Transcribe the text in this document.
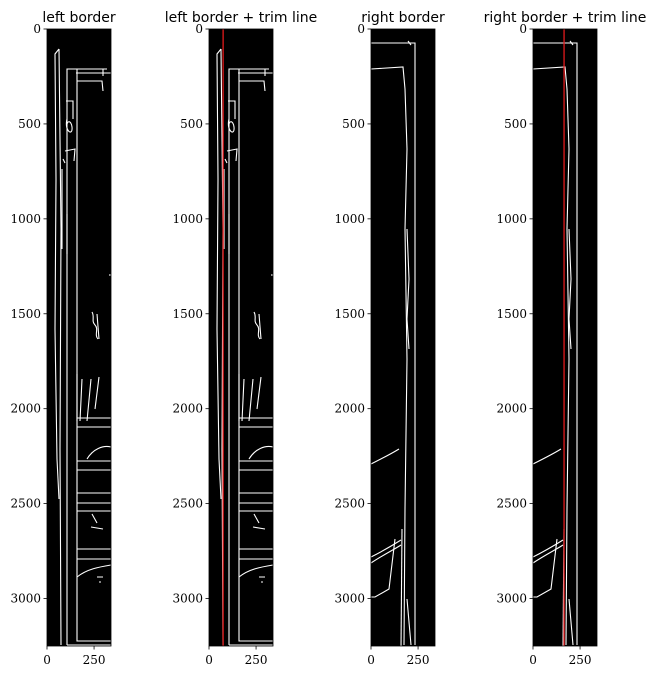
left border
0
500
1000
1500
2000
2500
3000
0	250
left border + trim line
0
500
1000
1500
2000
2500
3000
0	250
right border
0
500
1000
1500
2000
2500
3000
0	250
right border + trim line
0
500
1000
1500
2000
2500
3000
0	250
